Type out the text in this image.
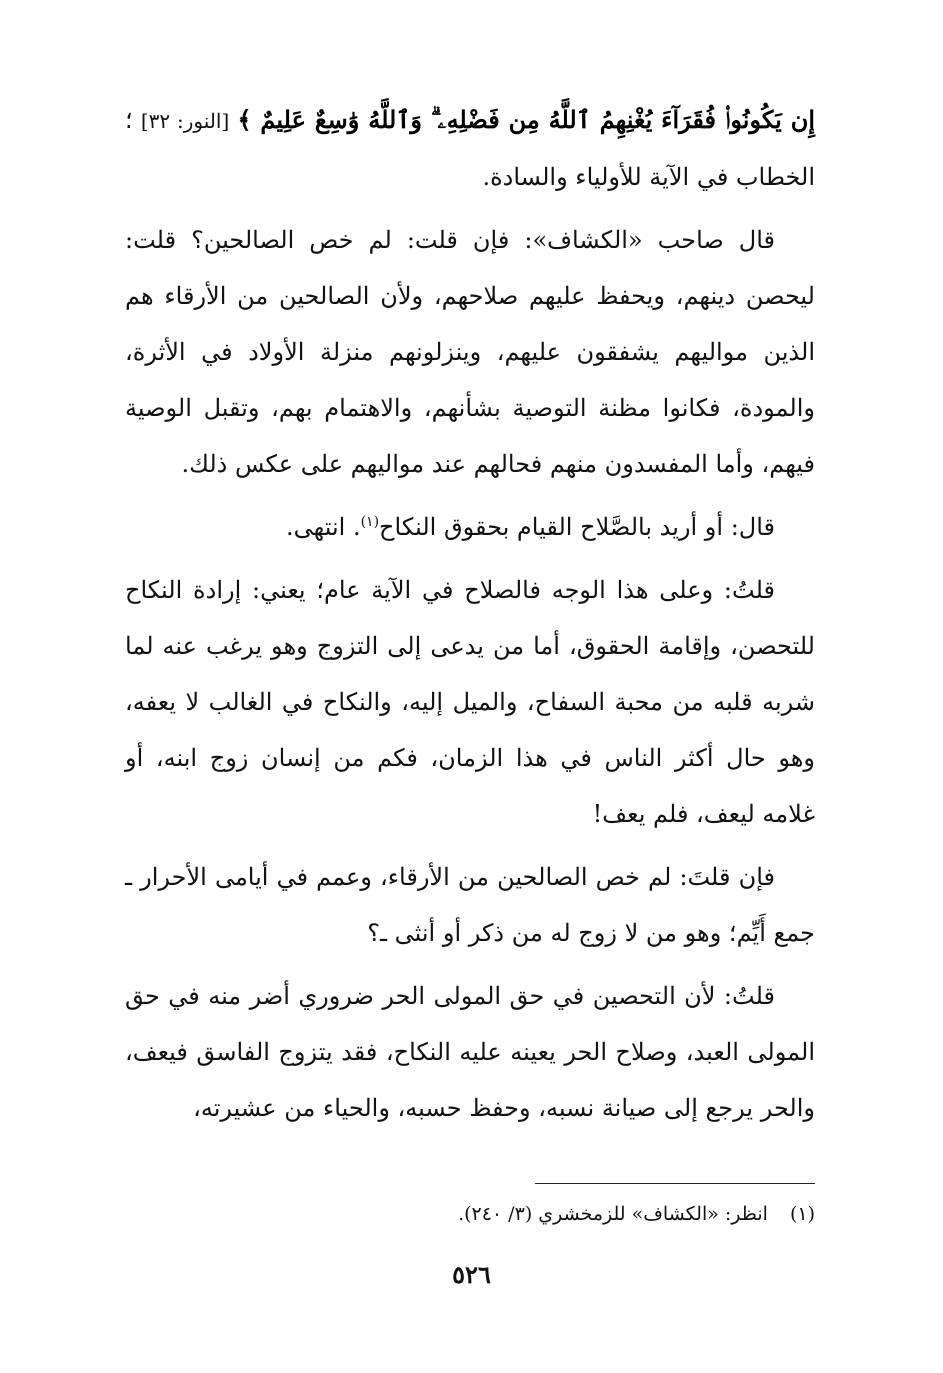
إِن يَكُونُوا۟ فُقَرَآءَ يُغْنِهِمُ ٱللَّهُ مِن فَضْلِهِۦ ۗ وَٱللَّهُ وَٰسِعٌ عَلِيمٌ ﴾ [النور: ٣٢] ؛ الخطاب في الآية للأولياء والسادة.

قال صاحب «الكشاف»: فإن قلت: لم خص الصالحين؟ قلت: ليحصن دينهم، ويحفظ عليهم صلاحهم، ولأن الصالحين من الأرقاء هم الذين مواليهم يشفقون عليهم، وينزلونهم منزلة الأولاد في الأثرة، والمودة، فكانوا مظنة التوصية بشأنهم، والاهتمام بهم، وتقبل الوصية فيهم، وأما المفسدون منهم فحالهم عند مواليهم على عكس ذلك.

قال: أو أريد بالصَّلاح القيام بحقوق النكاح$^{(١)}$. انتهى.

قلتُ: وعلى هذا الوجه فالصلاح في الآية عام؛ يعني: إرادة النكاح للتحصن، وإقامة الحقوق، أما من يدعى إلى التزوج وهو يرغب عنه لما شربه قلبه من محبة السفاح، والميل إليه، والنكاح في الغالب لا يعفه، وهو حال أكثر الناس في هذا الزمان، فكم من إنسان زوج ابنه، أو غلامه ليعف، فلم يعف!

فإن قلتَ: لم خص الصالحين من الأرقاء، وعمم في أيامى الأحرار ـ جمع أَيِّم؛ وهو من لا زوج له من ذكر أو أنثى ـ؟

قلتُ: لأن التحصين في حق المولى الحر ضروري أضر منه في حق المولى العبد، وصلاح الحر يعينه عليه النكاح، فقد يتزوج الفاسق فيعف، والحر يرجع إلى صيانة نسبه، وحفظ حسبه، والحياء من عشيرته،

(١)انظر: «الكشاف» للزمخشري (٣/ ٢٤٠).
٥٢٦
